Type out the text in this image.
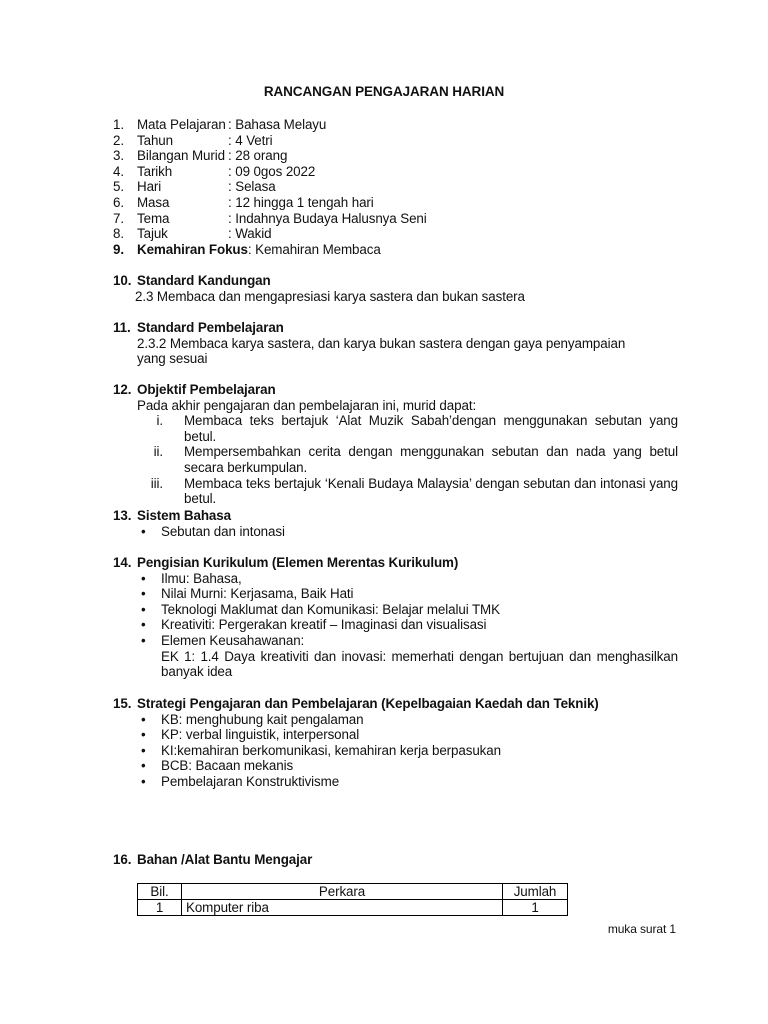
RANCANGAN PENGAJARAN HARIAN
1. Mata Pelajaran : Bahasa Melayu
2. Tahun	: 4 Vetri
3. Bilangan Murid : 28 orang
4. Tarikh	: 09 0gos 2022
5. Hari	: Selasa
6. Masa	: 12 hingga 1 tengah hari
7. Tema	: Indahnya Budaya Halusnya Seni
8. Tajuk	: Wakid
9. Kemahiran Fokus: Kemahiran Membaca
10. Standard Kandungan
2.3 Membaca dan mengapresiasi karya sastera dan bukan sastera
11. Standard Pembelajaran
2.3.2 Membaca karya sastera, dan karya bukan sastera dengan gaya penyampaian yang sesuai
12. Objektif Pembelajaran
Pada akhir pengajaran dan pembelajaran ini, murid dapat:
i. Membaca teks bertajuk ‘Alat Muzik Sabah’dengan menggunakan sebutan yang betul.
ii. Mempersembahkan cerita dengan menggunakan sebutan dan nada yang betul secara berkumpulan.
iii. Membaca teks bertajuk ‘Kenali Budaya Malaysia’ dengan sebutan dan intonasi yang betul.
13. Sistem Bahasa
• Sebutan dan intonasi
14. Pengisian Kurikulum (Elemen Merentas Kurikulum)
• Ilmu: Bahasa,
• Nilai Murni: Kerjasama, Baik Hati
• Teknologi Maklumat dan Komunikasi: Belajar melalui TMK
• Kreativiti: Pergerakan kreatif – Imaginasi dan visualisasi
• Elemen Keusahawanan:
EK 1: 1.4 Daya kreativiti dan inovasi: memerhati dengan bertujuan dan menghasilkan banyak idea
15. Strategi Pengajaran dan Pembelajaran (Kepelbagaian Kaedah dan Teknik)
• KB: menghubung kait pengalaman
• KP: verbal linguistik, interpersonal
• KI:kemahiran berkomunikasi, kemahiran kerja berpasukan
• BCB: Bacaan mekanis
• Pembelajaran Konstruktivisme
16. Bahan /Alat Bantu Mengajar
Bil.	Perkara	Jumlah
1	Komputer riba	1
muka surat 1
